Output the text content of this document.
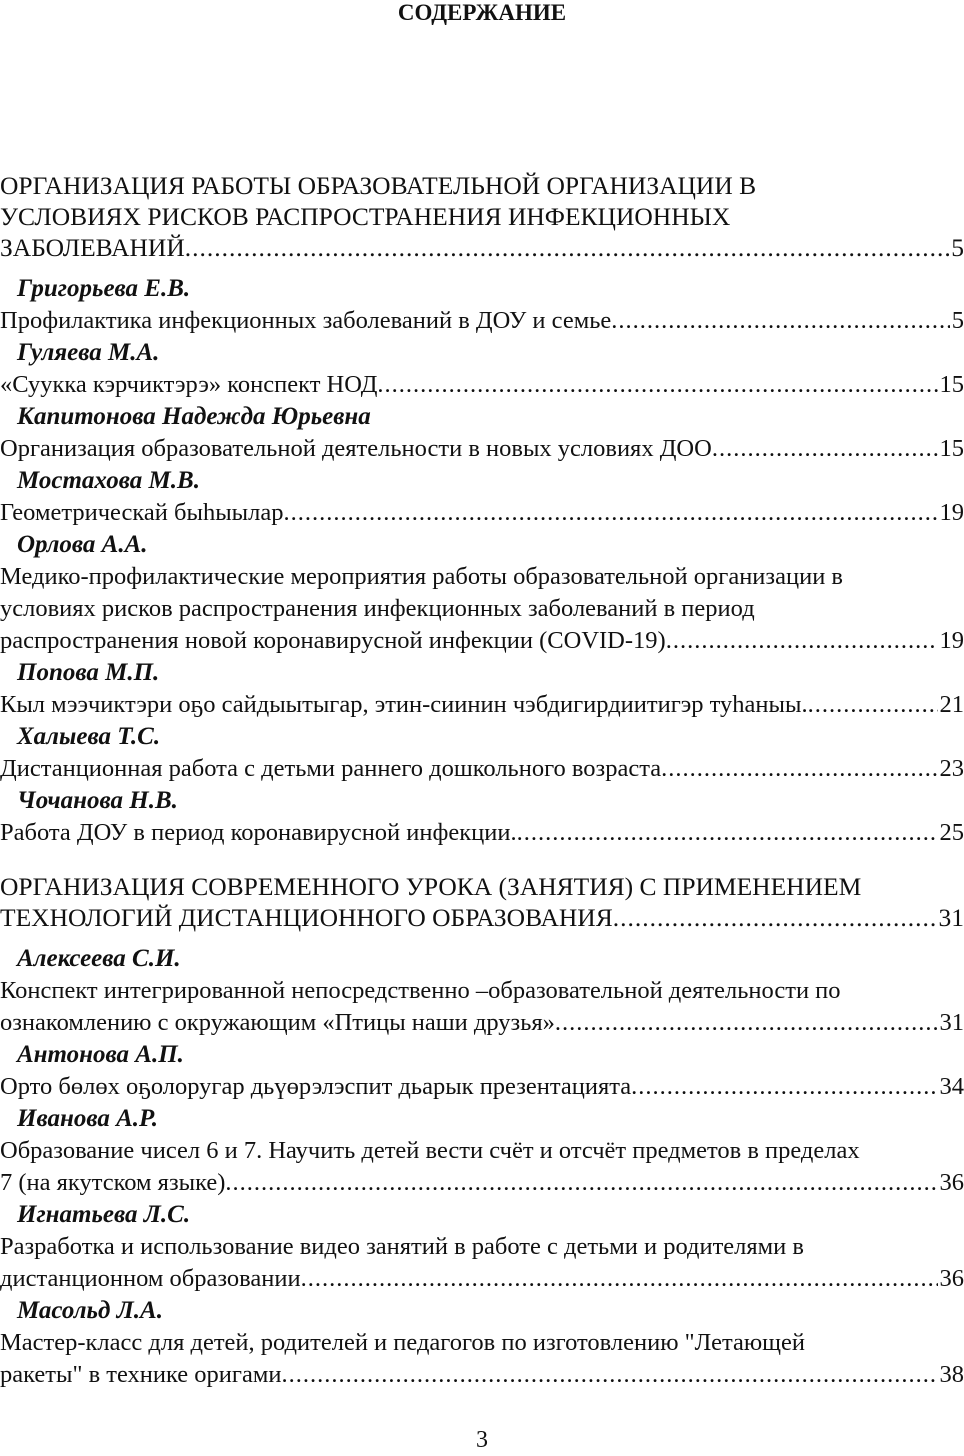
СОДЕРЖАНИЕ
ОРГАНИЗАЦИЯ РАБОТЫ ОБРАЗОВАТЕЛЬНОЙ ОРГАНИЗАЦИИ В
УСЛОВИЯХ РИСКОВ РАСПРОСТРАНЕНИЯ ИНФЕКЦИОННЫХ
ЗАБОЛЕВАНИЙ .....	5
Григорьева Е.В.
Профилактика инфекционных заболеваний в ДОУ и семье .....	5
Гуляева М.А.
«Суукка кэрчиктэрэ» конспект НОД .....	15
Капитонова Надежда Юрьевна
Организация образовательной деятельности в новых условиях ДОО .....	15
Мостахова М.В.
Геометрическай быhыылар .....	19
Орлова А.А.
Медико-профилактические мероприятия работы образовательной организации в
условиях рисков распространения инфекционных заболеваний в период
распространения новой коронавирусной инфекции (COVID-19) .....	19
Попова М.П.
Кыл мээчиктэри оҕо сайдыытыгар, этин-сиинин чэбдигирдиитигэр туhаныы. .....	21
Халыева Т.С.
Дистанционная работа с детьми раннего дошкольного возраста .....	23
Чочанова Н.В.
Работа ДОУ в период коронавирусной инфекции. .....	25
ОРГАНИЗАЦИЯ СОВРЕМЕННОГО УРОКА (ЗАНЯТИЯ) С ПРИМЕНЕНИЕМ
ТЕХНОЛОГИЙ ДИСТАНЦИОННОГО ОБРАЗОВАНИЯ .....	31
Алексеева С.И.
Конспект интегрированной непосредственно –образовательной деятельности по
ознакомлению с окружающим «Птицы наши друзья» .....	31
Антонова А.П.
Орто бөлөх оҕолоругар дьүөрэлэспит дьарык презентацията .....	34
Иванова А.Р.
Образование чисел 6 и 7. Научить детей вести счёт и отсчёт предметов в пределах
7 (на якутском языке) .....	36
Игнатьева Л.С.
Разработка и использование видео занятий в работе с детьми и родителями в
дистанционном образовании .....	36
Масольд Л.А.
Мастер-класс для детей, родителей и педагогов по изготовлению "Летающей
ракеты" в технике оригами .....	38
3
